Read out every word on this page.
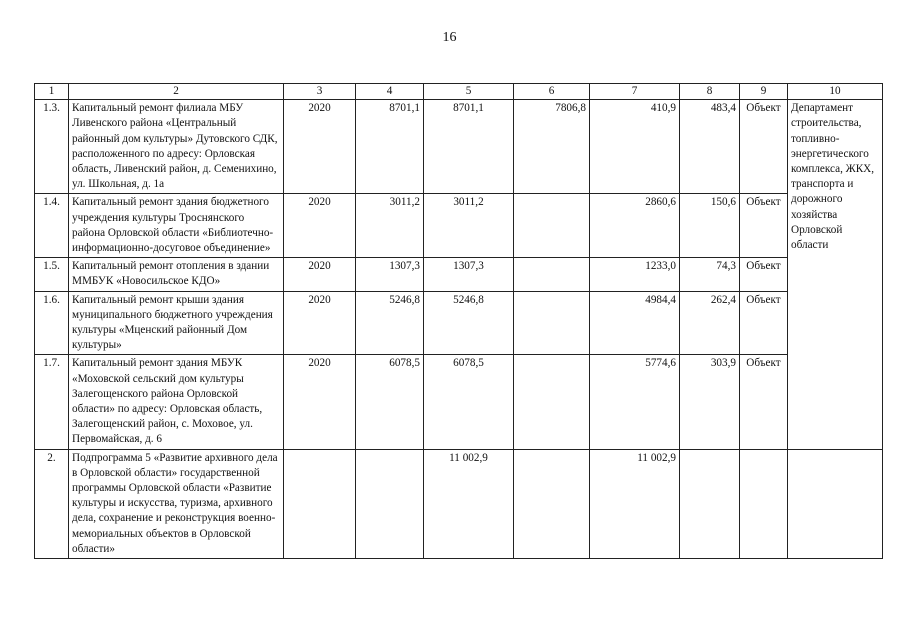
16
1	2	3	4	5	6	7	8	9	10
1.3.	Капитальный ремонт филиала МБУ Ливенского района «Центральный районный дом культуры» Дутовского СДК, расположенного по адресу: Орловская область, Ливенский район, д. Семенихино, ул. Школьная, д. 1а	2020	8701,1	8701,1	7806,8	410,9	483,4	Объект	Департамент строительства, топливно-энергетического комплекса, ЖКХ, транспорта и дорожного хозяйства Орловской области
1.4.	Капитальный ремонт здания бюджетного учреждения культуры Троснянского района Орловской области «Библиотечно-информационно-досуговое объединение»	2020	3011,2	3011,2		2860,6	150,6	Объект	
1.5.	Капитальный ремонт отопления в здании ММБУК «Новосильское КДО»	2020	1307,3	1307,3		1233,0	74,3	Объект	
1.6.	Капитальный ремонт крыши здания муниципального бюджетного учреждения культуры «Мценский районный Дом культуры»	2020	5246,8	5246,8		4984,4	262,4	Объект	
1.7.	Капитальный ремонт здания МБУК «Моховской сельский дом культуры Залегощенского района Орловской области» по адресу: Орловская область, Залегощенский район, с. Моховое, ул. Первомайская, д. 6	2020	6078,5	6078,5		5774,6	303,9	Объект	
2.	Подпрограмма 5 «Развитие архивного дела в Орловской области» государственной программы Орловской области «Развитие культуры и искусства, туризма, архивного дела, сохранение и реконструкция военно-мемориальных объектов в Орловской области»			11 002,9		11 002,9			
